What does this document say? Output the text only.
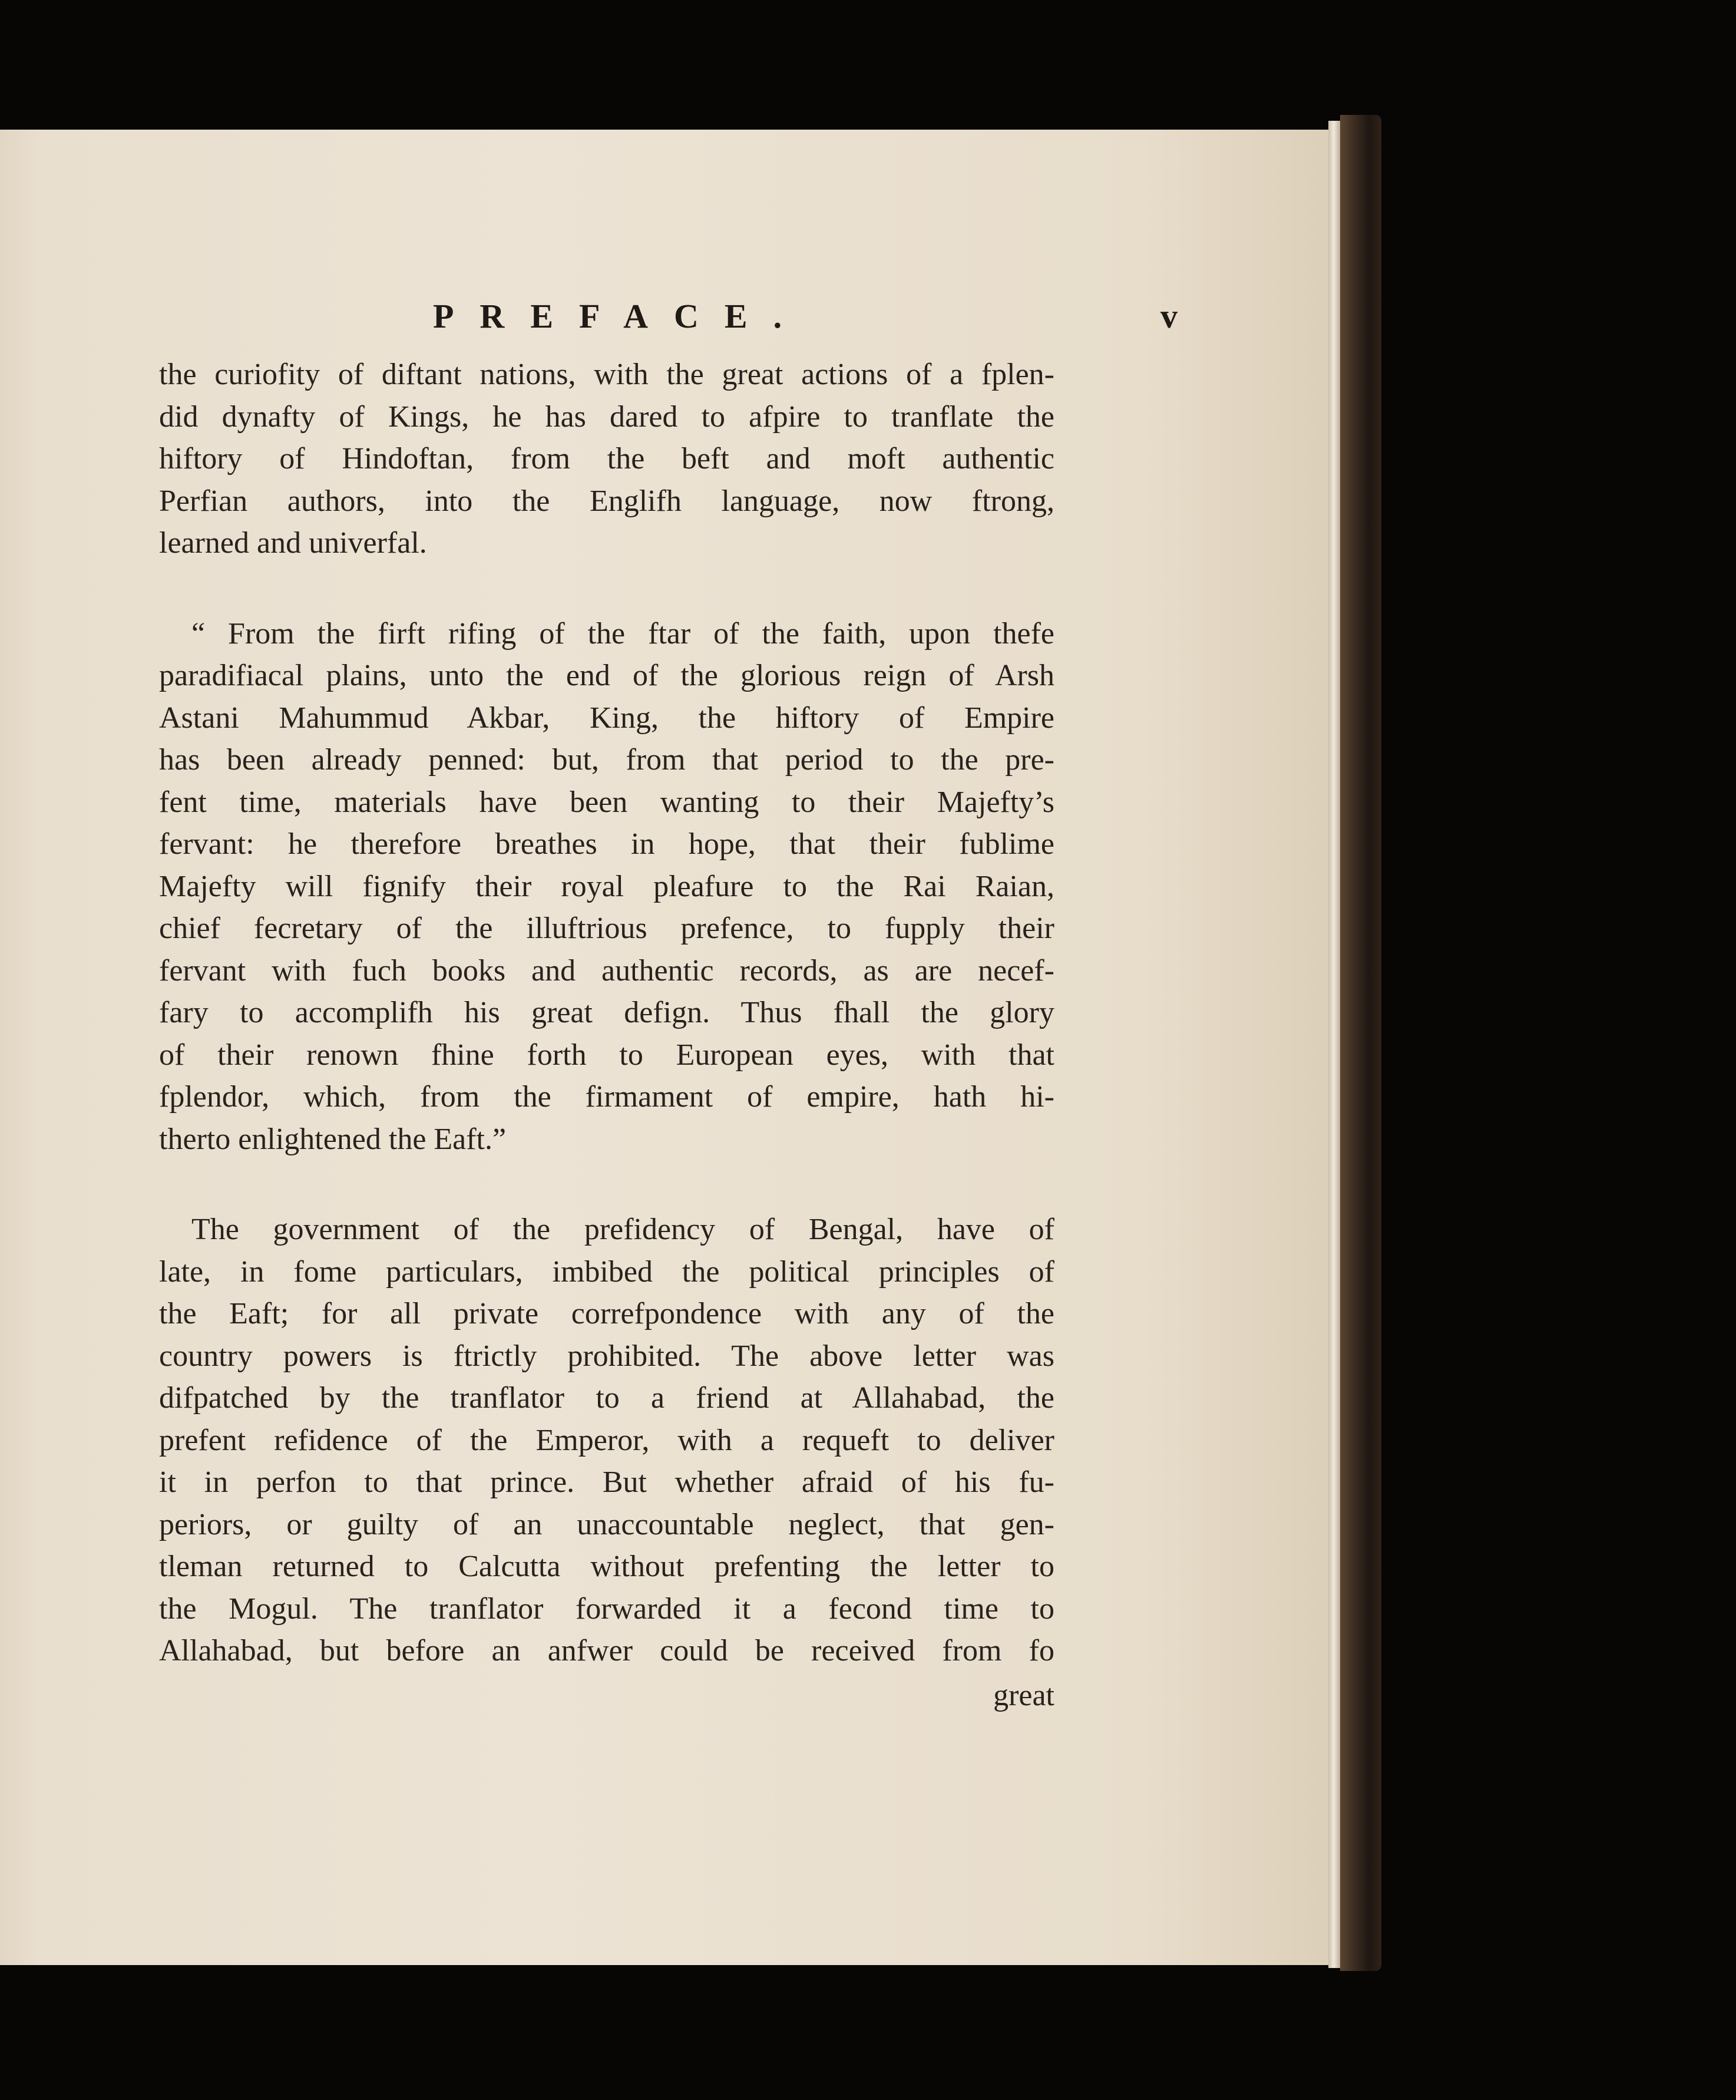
PREFACE.	v
the curiofity of diftant nations, with the great actions of a fplen-
did dynafty of Kings, he has dared to afpire to tranflate the
hiftory of Hindoftan, from the beft and moft authentic
Perfian authors, into the Englifh language, now ftrong,
learned and univerfal.
“ From the firft rifing of the ftar of the faith, upon thefe
paradifiacal plains, unto the end of the glorious reign of Arsh
Astani Mahummud Akbar, King, the hiftory of Empire
has been already penned: but, from that period to the pre-
fent time, materials have been wanting to their Majefty’s
fervant: he therefore breathes in hope, that their fublime
Majefty will fignify their royal pleafure to the Rai Raian,
chief fecretary of the illuftrious prefence, to fupply their
fervant with fuch books and authentic records, as are necef-
fary to accomplifh his great defign. Thus fhall the glory
of their renown fhine forth to European eyes, with that
fplendor, which, from the firmament of empire, hath hi-
therto enlightened the Eaft.”
The government of the prefidency of Bengal, have of
late, in fome particulars, imbibed the political principles of
the Eaft; for all private correfpondence with any of the
country powers is ftrictly prohibited. The above letter was
difpatched by the tranflator to a friend at Allahabad, the
prefent refidence of the Emperor, with a requeft to deliver
it in perfon to that prince. But whether afraid of his fu-
periors, or guilty of an unaccountable neglect, that gen-
tleman returned to Calcutta without prefenting the letter to
the Mogul. The tranflator forwarded it a fecond time to
Allahabad, but before an anfwer could be received from fo
great
